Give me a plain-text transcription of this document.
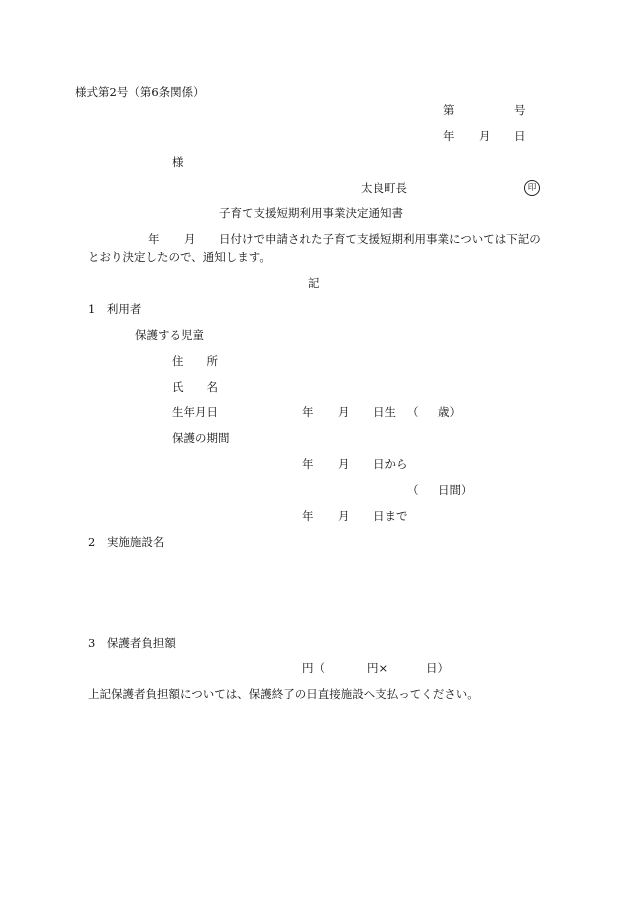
様式第2号（第6条関係）
第	号
年 月 日
様
太良町長	印
子育て支援短期利用事業決定通知書
年 月 日付けで申請された子育て支援短期利用事業については下記の
とおり決定したので、通知します。
記
1　利用者
保護する児童
住　　所
氏　　名
生年月日	年 月 日生 （ 歳）
保護の期間
年 月 日から
（ 日間）
年 月 日まで
2　実施施設名
3　保護者負担額
円（	円×	日）
上記保護者負担額については、保護終了の日直接施設へ支払ってください。
